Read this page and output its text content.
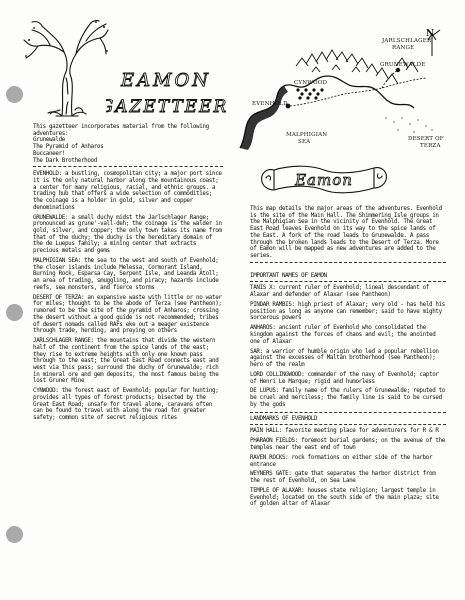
EAMON
GAZETTEER
This gazetteer incorporates material from the following adventures:
Grunewalde
The Pyramid of Anharos
Buccaneer!
The Dark Brotherhood
EVENHOLD: a bustling, cosmopolitan city; a major port since it is the only natural harbor along the mountainous coast; a center for many religious, racial, and ethnic groups. a trading hub that offers a wide selection of commodities; the coinage is a holder in gold, silver and copper denominations
GRUNEWALDE: a small duchy midst the Jarlschlager Range; pronounced as grune'-vall-deh; the coinage is the walder in gold, silver, and copper; the only town takes its name from that of the duchy; the duchy is the hereditary domain of the de Luepus family; a mining center that extracts precious metals and gems
MALPHIGIAN SEA: the sea to the west and south of Evenhold; the closer islands include Melessa, Cormorant Island, Burning Rock, Esparsa Cay, Serpent Isle, and Leanda Atoll; an area of trading, smuggling, and piracy; hazards include reefs, sea monsters, and fierce storms
DESERT OF TERZA: an expansive waste with little or no water for miles; thought to be the abode of Terza (see Pantheon); rumored to be the site of the pyramid of Anharos; crossing the desert without a good guide is not recommended; tribes of desert nomads called RAFs eke out a meager existence through trade, herding, and preying on others
JARLSCHLAGER RANGE: the mountains that divide the western half of the continent from the spice lands of the east; they rise to extreme heights with only one known pass through to the east; the Great East Road connects east and west via this pass; surround the duchy of Grunewalde; rich in mineral ore and gem deposits, the most famous being the lost Gruner Mine
CYNWOOD: the forest east of Evenhold; popular for hunting; provides all types of forest products; bisected by the Great East Road; unsafe for travel alone, caravans often can be found to travel with along the road for greater safety; common site of secret religious rites
N
JARLSCHLAGER
RANGE
CYNWOOD
GRUNEWALDE
EVENHOLD
DESERT OF
TERZA
MALPHIGIAN
SEA
Eamon
This map details the major areas of the adventures. Evenhold is the site of the Main Hall. The Shimmering Isle groups in the Malphigian Sea in the vicinity of Evenhold. The Great East Road leaves Evenhold on its way to the spice lands of the East. A fork of the road leads to Grunewalde. A pass through the broken lands leads to the Desert of Terza. More of Eamon will be mapped as new adventures are added to the series.
IMPORTANT NAMES OF EAMON
TANIS X: current ruler of Evenhold; lineal descendant of Alaxar and defender of Alaxar (see Pantheon)
PINDAR RAMBIS: high priest of Alaxar; very old - has held his position as long as anyone can remember; said to have mighty sorcerous powers
ANHAROS: ancient ruler of Evenhold who consolidated the kingdom against the forces of chaos and evil; the anointed one of Alaxar
SAR: a warrior of humble origin who led a popular rebellion against the excesses of Maltan brotherhood (see Pantheon); hero of the realm
LORD COLLINGWOOD: commander of the navy of Evenhold; captor of Henri Le Marque; rigid and humorless
DE LUPUS: family name of the rulers of Grunewalde; reputed to be cruel and merciless; the family line is said to be cursed by the gods
LANDMARKS OF EVENHOLD
MAIN HALL: favorite meeting place for adventurers for R & R
PHARAON FIELDS: foremost burial gardens; on the avenue of the temples near the east end of town
RAVEN ROCKS: rock formations on either side of the harbor entrance
WEYNERS GATE: gate that separates the harbor district from the rest of Evenhold, on Sea Lane
TEMPLE OF ALAXAR: houses state religion; largest temple in Evenhold; located on the south side of the main plaza; site of golden altar of Alaxar
